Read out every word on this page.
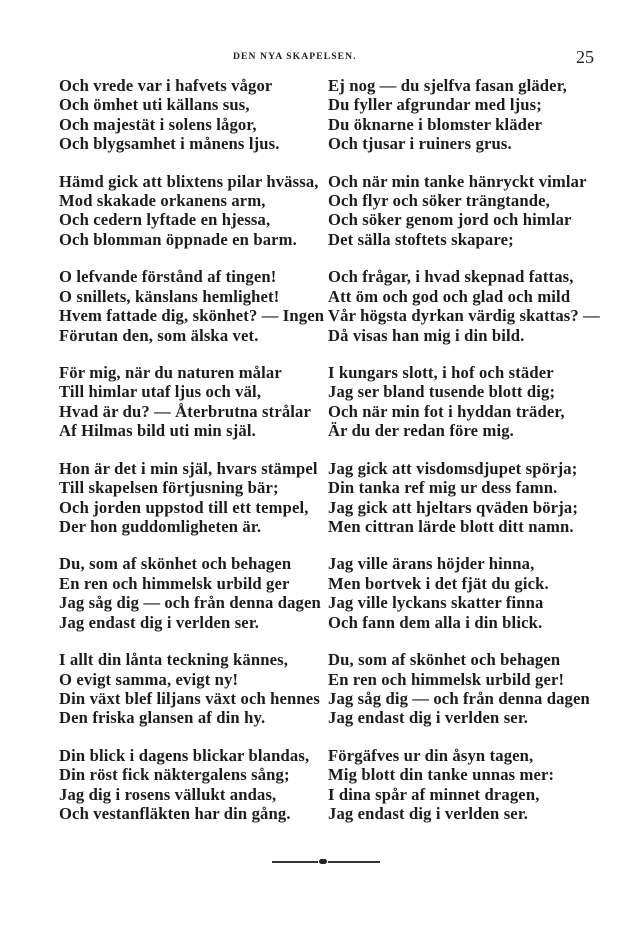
DEN NYA SKAPELSEN.	25
Och vrede var i hafvets vågor
Och ömhet uti källans sus,
Och majestät i solens lågor,
Och blygsamhet i månens ljus.
Hämd gick att blixtens pilar hvässa,
Mod skakade orkanens arm,
Och cedern lyftade en hjessa,
Och blomman öppnade en barm.
O lefvande förstånd af tingen!
O snillets, känslans hemlighet!
Hvem fattade dig, skönhet? — Ingen
Förutan den, som älska vet.
För mig, när du naturen målar
Till himlar utaf ljus och väl,
Hvad är du? — Återbrutna strålar
Af Hilmas bild uti min själ.
Hon är det i min själ, hvars stämpel
Till skapelsen förtjusning bär;
Och jorden uppstod till ett tempel,
Der hon guddomligheten är.
Du, som af skönhet och behagen
En ren och himmelsk urbild ger
Jag såg dig — och från denna dagen
Jag endast dig i verlden ser.
I allt din lånta teckning kännes,
O evigt samma, evigt ny!
Din växt blef liljans växt och hennes
Den friska glansen af din hy.
Din blick i dagens blickar blandas,
Din röst fick näktergalens sång;
Jag dig i rosens vällukt andas,
Och vestanfläkten har din gång.
Ej nog — du sjelfva fasan gläder,
Du fyller afgrundar med ljus;
Du öknarne i blomster kläder
Och tjusar i ruiners grus.
Och när min tanke hänryckt vimlar
Och flyr och söker trängtande,
Och söker genom jord och himlar
Det sälla stoftets skapare;
Och frågar, i hvad skepnad fattas,
Att öm och god och glad och mild
Vår högsta dyrkan värdig skattas? —
Då visas han mig i din bild.
I kungars slott, i hof och städer
Jag ser bland tusende blott dig;
Och när min fot i hyddan träder,
Är du der redan före mig.
Jag gick att visdomsdjupet spörja;
Din tanka ref mig ur dess famn.
Jag gick att hjeltars qväden börja;
Men cittran lärde blott ditt namn.
Jag ville ärans höjder hinna,
Men bortvek i det fjät du gick.
Jag ville lyckans skatter finna
Och fann dem alla i din blick.
Du, som af skönhet och behagen
En ren och himmelsk urbild ger!
Jag såg dig — och från denna dagen
Jag endast dig i verlden ser.
Förgäfves ur din åsyn tagen,
Mig blott din tanke unnas mer:
I dina spår af minnet dragen,
Jag endast dig i verlden ser.
